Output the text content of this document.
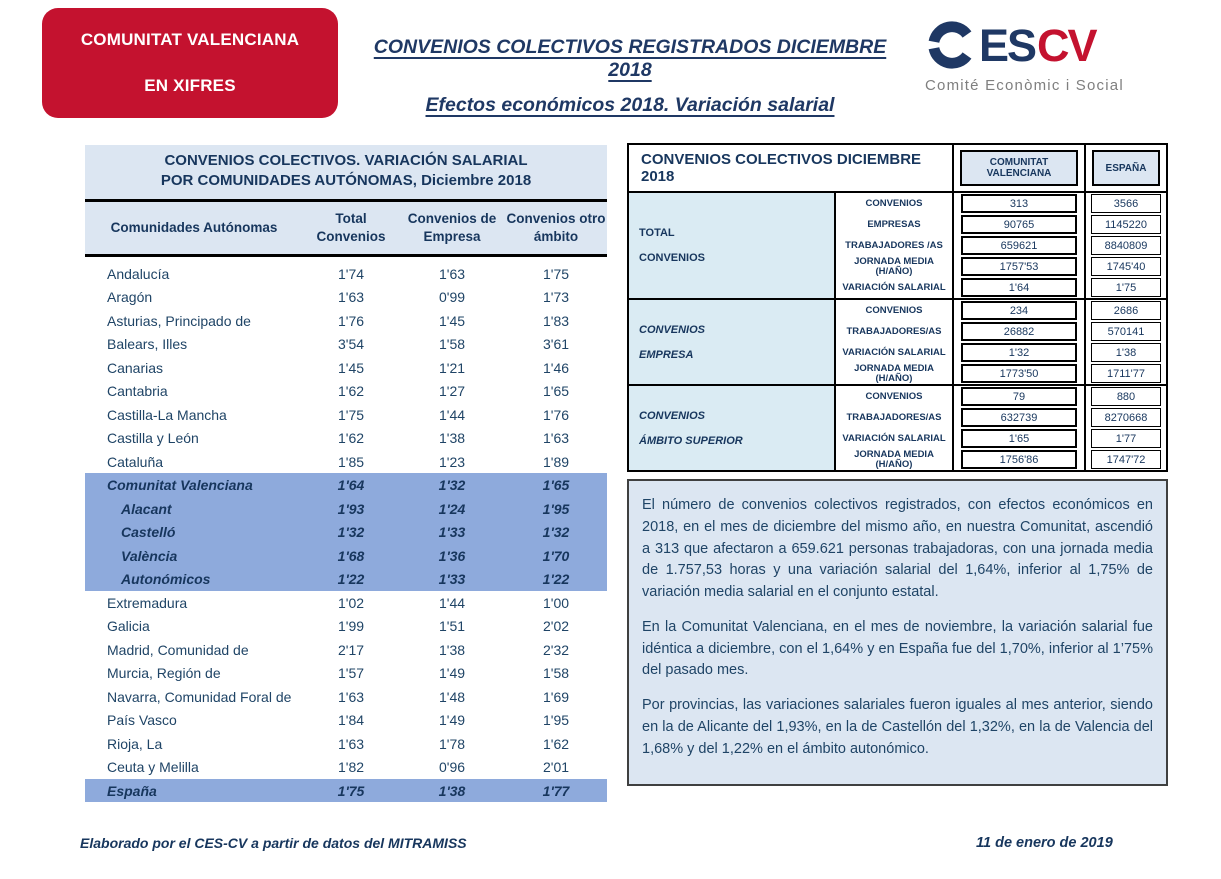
COMUNITAT VALENCIANA
EN XIFRES
CONVENIOS COLECTIVOS REGISTRADOS DICIEMBRE 2018
Efectos económicos 2018. Variación salarial
ES CV
Comité Econòmic i Social
CONVENIOS COLECTIVOS. VARIACIÓN SALARIAL
POR COMUNIDADES AUTÓNOMAS, Diciembre 2018
Comunidades Autónomas
Total
Convenios
Convenios de
Empresa
Convenios otro
ámbito
Andalucía	1'74	1'63	1'75
Aragón	1'63	0'99	1'73
Asturias, Principado de	1'76	1'45	1'83
Balears, Illes	3'54	1'58	3'61
Canarias	1'45	1'21	1'46
Cantabria	1'62	1'27	1'65
Castilla-La Mancha	1'75	1'44	1'76
Castilla y León	1'62	1'38	1'63
Cataluña	1'85	1'23	1'89
Comunitat Valenciana	1'64	1'32	1'65
Alacant	1'93	1'24	1'95
Castelló	1'32	1'33	1'32
València	1'68	1'36	1'70
Autonómicos	1'22	1'33	1'22
Extremadura	1'02	1'44	1'00
Galicia	1'99	1'51	2'02
Madrid, Comunidad de	2'17	1'38	2'32
Murcia, Región de	1'57	1'49	1'58
Navarra, Comunidad Foral de	1'63	1'48	1'69
País Vasco	1'84	1'49	1'95
Rioja, La	1'63	1'78	1'62
Ceuta y Melilla	1'82	0'96	2'01
España	1'75	1'38	1'77
CONVENIOS COLECTIVOS DICIEMBRE 2018
COMUNITAT VALENCIANA	ESPAÑA
TOTAL
CONVENIOS
CONVENIOS	313	3566
EMPRESAS	90765	1145220
TRABAJADORES /AS	659621	8840809
JORNADA MEDIA (H/AÑO)	1757'53	1745'40
VARIACIÓN SALARIAL	1'64	1'75
CONVENIOS
EMPRESA
CONVENIOS	234	2686
TRABAJADORES/AS	26882	570141
VARIACIÓN SALARIAL	1'32	1'38
JORNADA MEDIA (H/AÑO)	1773'50	1711'77
CONVENIOS
ÁMBITO SUPERIOR
CONVENIOS	79	880
TRABAJADORES/AS	632739	8270668
VARIACIÓN SALARIAL	1'65	1'77
JORNADA MEDIA (H/AÑO)	1756'86	1747'72

El número de convenios colectivos registrados, con efectos económicos en 2018, en el mes de diciembre del mismo año, en nuestra Comunitat, ascendió a 313 que afectaron a 659.621 personas trabajadoras, con una jornada media de 1.757,53 horas y una variación salarial del 1,64%, inferior al 1,75% de variación media salarial en el conjunto estatal.

En la Comunitat Valenciana, en el mes de noviembre, la variación salarial fue idéntica a diciembre, con el 1,64% y en España fue del 1,70%, inferior al 1’75% del pasado mes.

Por provincias, las variaciones salariales fueron iguales al mes anterior, siendo en la de Alicante del 1,93%, en la de Castellón del 1,32%, en la de Valencia del 1,68% y del 1,22% en el ámbito autonómico.

Elaborado por el CES-CV a partir de datos del MITRAMISS	11 de enero de 2019
